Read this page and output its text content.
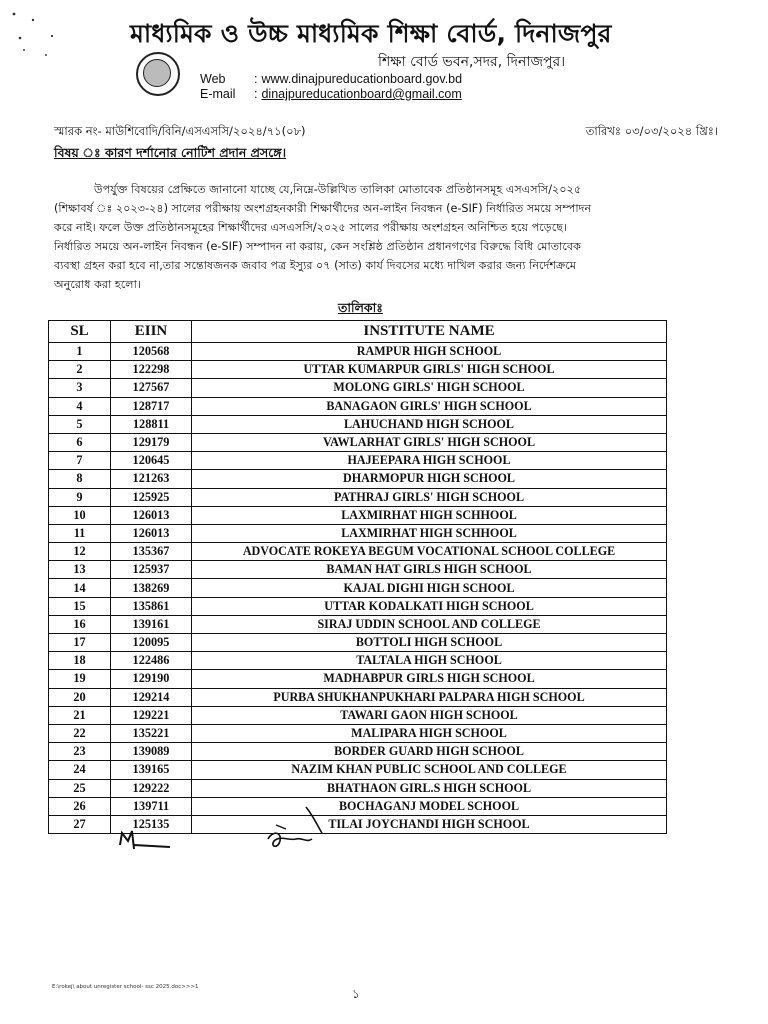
মাধ্যমিক ও উচ্চ মাধ্যমিক শিক্ষা বোর্ড, দিনাজপুর
শিক্ষা বোর্ড ভবন,সদর, দিনাজপুর।
Web : www.dinajpureducationboard.gov.bd
E-mail : dinajpureducationboard@gmail.com
স্মারক নং- মাউশিবোদি/বিনি/এসএসসি/২০২৪/৭১(০৮)	তারিখঃ ০৩/০৩/২০২৪ খ্রিঃ।
বিষয় ঃ কারণ দর্শানোর নোটিশ প্রদান প্রসঙ্গে।
উপর্যুক্ত বিষয়ের প্রেক্ষিতে জানানো যাচ্ছে যে,নিম্নে-উল্লিখিত তালিকা মোতাবেক প্রতিষ্ঠানসমূহ এসএসসি/২০২৫
(শিক্ষাবর্ষ ঃ ২০২৩-২৪) সালের পরীক্ষায় অংশগ্রহনকারী শিক্ষার্থীদের অন-লাইন নিবন্ধন (e-SIF) নির্ধারিত সময়ে সম্পাদন
করে নাই। ফলে উক্ত প্রতিষ্ঠানসমূহের শিক্ষার্থীদের এসএসসি/২০২৫ সালের পরীক্ষায় অংশগ্রহন অনিশ্চিত হয়ে পড়েছে।
নির্ধারিত সময়ে অন-লাইন নিবন্ধন (e-SIF) সম্পাদন না করায়, কেন সংশ্লিষ্ঠ প্রতিষ্ঠান প্রধানগণের বিরুদ্ধে বিধি মোতাবেক
ব্যবস্থা গ্রহন করা হবে না,তার সন্তোষজনক জবাব পত্র ইস্যুর ০৭ (সাত) কার্য দিবসের মধ্যে দাখিল করার জন্য নির্দেশক্রমে
অনুরোধ করা হলো।
তালিকাঃ
SL	EIIN	INSTITUTE NAME
1	120568	RAMPUR HIGH SCHOOL
2	122298	UTTAR KUMARPUR GIRLS' HIGH SCHOOL
3	127567	MOLONG GIRLS' HIGH SCHOOL
4	128717	BANAGAON GIRLS' HIGH SCHOOL
5	128811	LAHUCHAND HIGH SCHOOL
6	129179	VAWLARHAT GIRLS' HIGH SCHOOL
7	120645	HAJEEPARA HIGH SCHOOL
8	121263	DHARMOPUR HIGH SCHOOL
9	125925	PATHRAJ GIRLS' HIGH SCHOOL
10	126013	LAXMIRHAT HIGH SCHHOOL
11	126013	LAXMIRHAT HIGH SCHHOOL
12	135367	ADVOCATE ROKEYA BEGUM VOCATIONAL SCHOOL COLLEGE
13	125937	BAMAN HAT GIRLS HIGH SCHOOL
14	138269	KAJAL DIGHI HIGH SCHOOL
15	135861	UTTAR KODALKATI HIGH SCHOOL
16	139161	SIRAJ UDDIN SCHOOL AND COLLEGE
17	120095	BOTTOLI HIGH SCHOOL
18	122486	TALTALA HIGH SCHOOL
19	129190	MADHABPUR GIRLS HIGH SCHOOL
20	129214	PURBA SHUKHANPUKHARI PALPARA HIGH SCHOOL
21	129221	TAWARI GAON HIGH SCHOOL
22	135221	MALIPARA HIGH SCHOOL
23	139089	BORDER GUARD HIGH SCHOOL
24	139165	NAZIM KHAN PUBLIC SCHOOL AND COLLEGE
25	129222	BHATHAON GIRL.S HIGH SCHOOL
26	139711	BOCHAGANJ MODEL SCHOOL
27	125135	TILAI JOYCHANDI HIGH SCHOOL
E:\rokej\ about unregister school- ssc 2025.doc>>>1	১
